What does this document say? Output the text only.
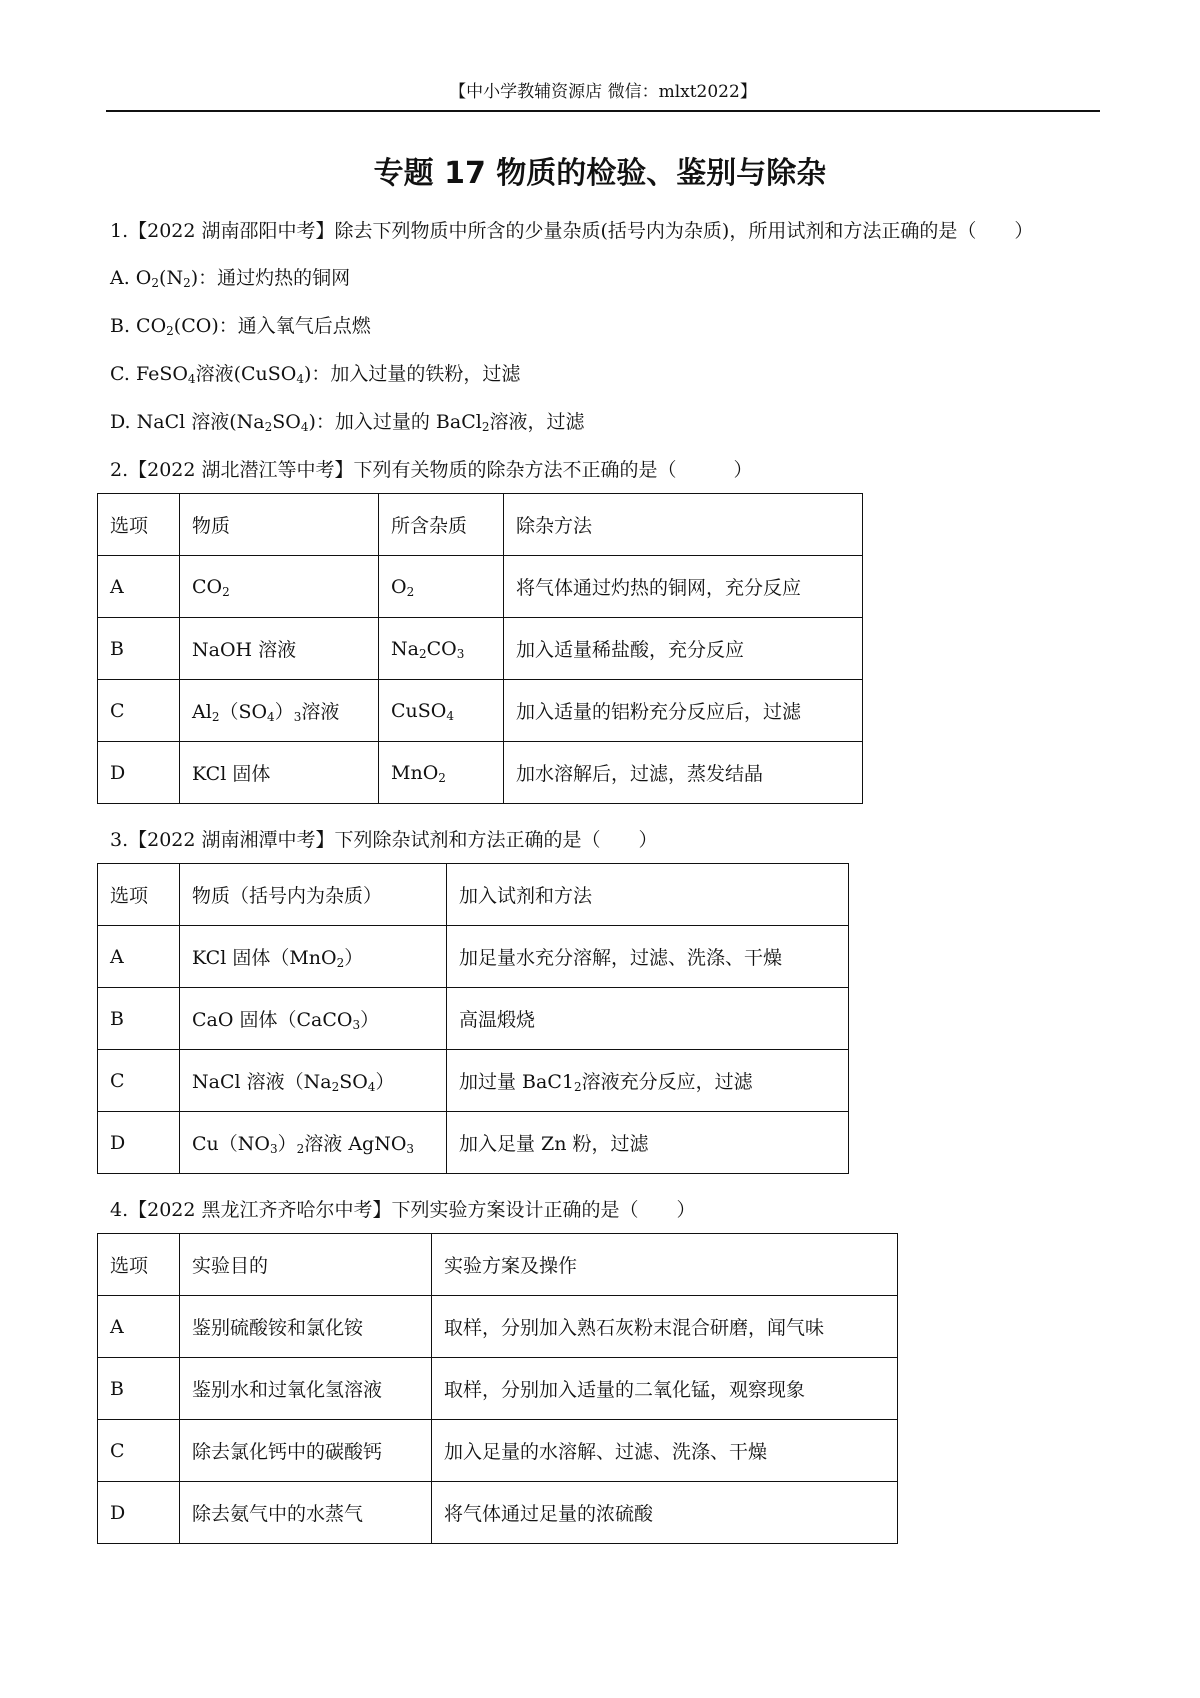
【中小学教辅资源店 微信：mlxt2022】
专题 17 物质的检验、鉴别与除杂
1.【2022 湖南邵阳中考】除去下列物质中所含的少量杂质(括号内为杂质)，所用试剂和方法正确的是（　　）
A. $O_2(N_2)$：通过灼热的铜网
B. $CO_2(CO)$：通入氧气后点燃
C. FeSO$_4$溶液(CuSO$_4$)：加入过量的铁粉，过滤
D. NaCl 溶液$(Na_2SO_4)$：加入过量的 BaCl$_2$溶液，过滤
2.【2022 湖北潜江等中考】下列有关物质的除杂方法不正确的是（　　　）
选项	物质	所含杂质	除杂方法
A	$CO_2$	$O_2$	将气体通过灼热的铜网，充分反应
B	NaOH 溶液	$Na_2CO_3$	加入适量稀盐酸，充分反应
C	$Al_2(SO_4)_3$溶液	CuSO$_4$	加入适量的铝粉充分反应后，过滤
D	KCl 固体	MnO$_2$	加水溶解后，过滤，蒸发结晶
3.【2022 湖南湘潭中考】下列除杂试剂和方法正确的是（　　）
选项	物质（括号内为杂质）	加入试剂和方法
A	KCl 固体（MnO$_2$）	加足量水充分溶解，过滤、洗涤、干燥
B	CaO 固体（CaCO$_3$）	高温煅烧
C	NaCl 溶液$(Na_2SO_4)$	加过量 $BaC1_2$溶液充分反应，过滤
D	$Cu(NO_3)_2$溶液 AgNO$_3$	加入足量 Zn 粉，过滤
4.【2022 黑龙江齐齐哈尔中考】下列实验方案设计正确的是（　　）
选项	实验目的	实验方案及操作
A	鉴别硫酸铵和氯化铵	取样，分别加入熟石灰粉末混合研磨，闻气味
B	鉴别水和过氧化氢溶液	取样，分别加入适量的二氧化锰，观察现象
C	除去氯化钙中的碳酸钙	加入足量的水溶解、过滤、洗涤、干燥
D	除去氨气中的水蒸气	将气体通过足量的浓硫酸
